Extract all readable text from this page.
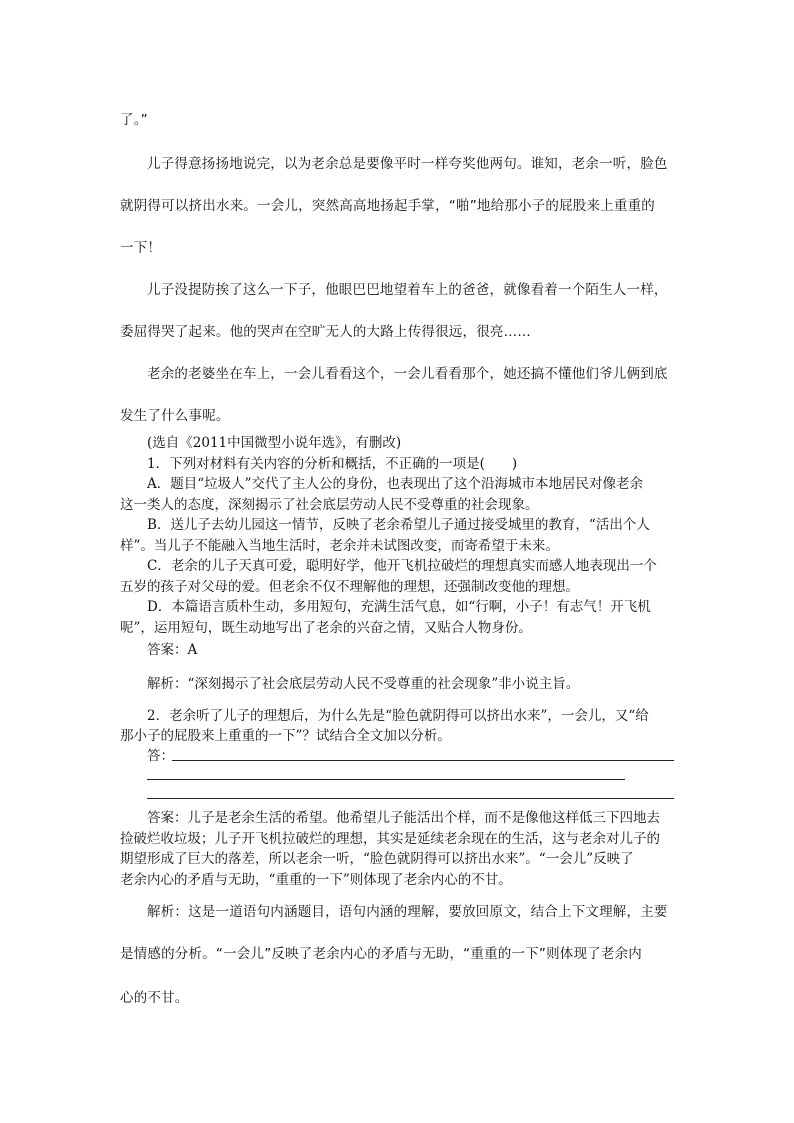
了。”

儿子得意扬扬地说完，以为老余总是要像平时一样夸奖他两句。谁知，老余一听，脸色

就阴得可以挤出水来。一会儿，突然高高地扬起手掌，“啪”地给那小子的屁股来上重重的

一下！

儿子没提防挨了这么一下子，他眼巴巴地望着车上的爸爸，就像看着一个陌生人一样，

委屈得哭了起来。他的哭声在空旷无人的大路上传得很远，很亮……

老余的老婆坐在车上，一会儿看看这个，一会儿看看那个，她还搞不懂他们爷儿俩到底

发生了什么事呢。

(选自《2011中国微型小说年选》，有删改)

1．下列对材料有关内容的分析和概括，不正确的一项是(　　)

A．题目“垃圾人”交代了主人公的身份，也表现出了这个沿海城市本地居民对像老余

这一类人的态度，深刻揭示了社会底层劳动人民不受尊重的社会现象。

B．送儿子去幼儿园这一情节，反映了老余希望儿子通过接受城里的教育，“活出个人

样”。当儿子不能融入当地生活时，老余并未试图改变，而寄希望于未来。

C．老余的儿子天真可爱，聪明好学，他开飞机拉破烂的理想真实而感人地表现出一个

五岁的孩子对父母的爱。但老余不仅不理解他的理想，还强制改变他的理想。

D．本篇语言质朴生动，多用短句，充满生活气息，如“行啊，小子！有志气！开飞机

呢”，运用短句，既生动地写出了老余的兴奋之情，又贴合人物身份。

答案：A

解析：“深刻揭示了社会底层劳动人民不受尊重的社会现象”非小说主旨。

2．老余听了儿子的理想后，为什么先是“脸色就阴得可以挤出水来”，一会儿，又“给

那小子的屁股来上重重的一下”？试结合全文加以分析。

答：

答案：儿子是老余生活的希望。他希望儿子能活出个样，而不是像他这样低三下四地去

捡破烂收垃圾；儿子开飞机拉破烂的理想，其实是延续老余现在的生活，这与老余对儿子的

期望形成了巨大的落差，所以老余一听，“脸色就阴得可以挤出水来”。“一会儿”反映了

老余内心的矛盾与无助，“重重的一下”则体现了老余内心的不甘。

解析：这是一道语句内涵题目，语句内涵的理解，要放回原文，结合上下文理解，主要

是情感的分析。“一会儿”反映了老余内心的矛盾与无助，“重重的一下”则体现了老余内

心的不甘。
